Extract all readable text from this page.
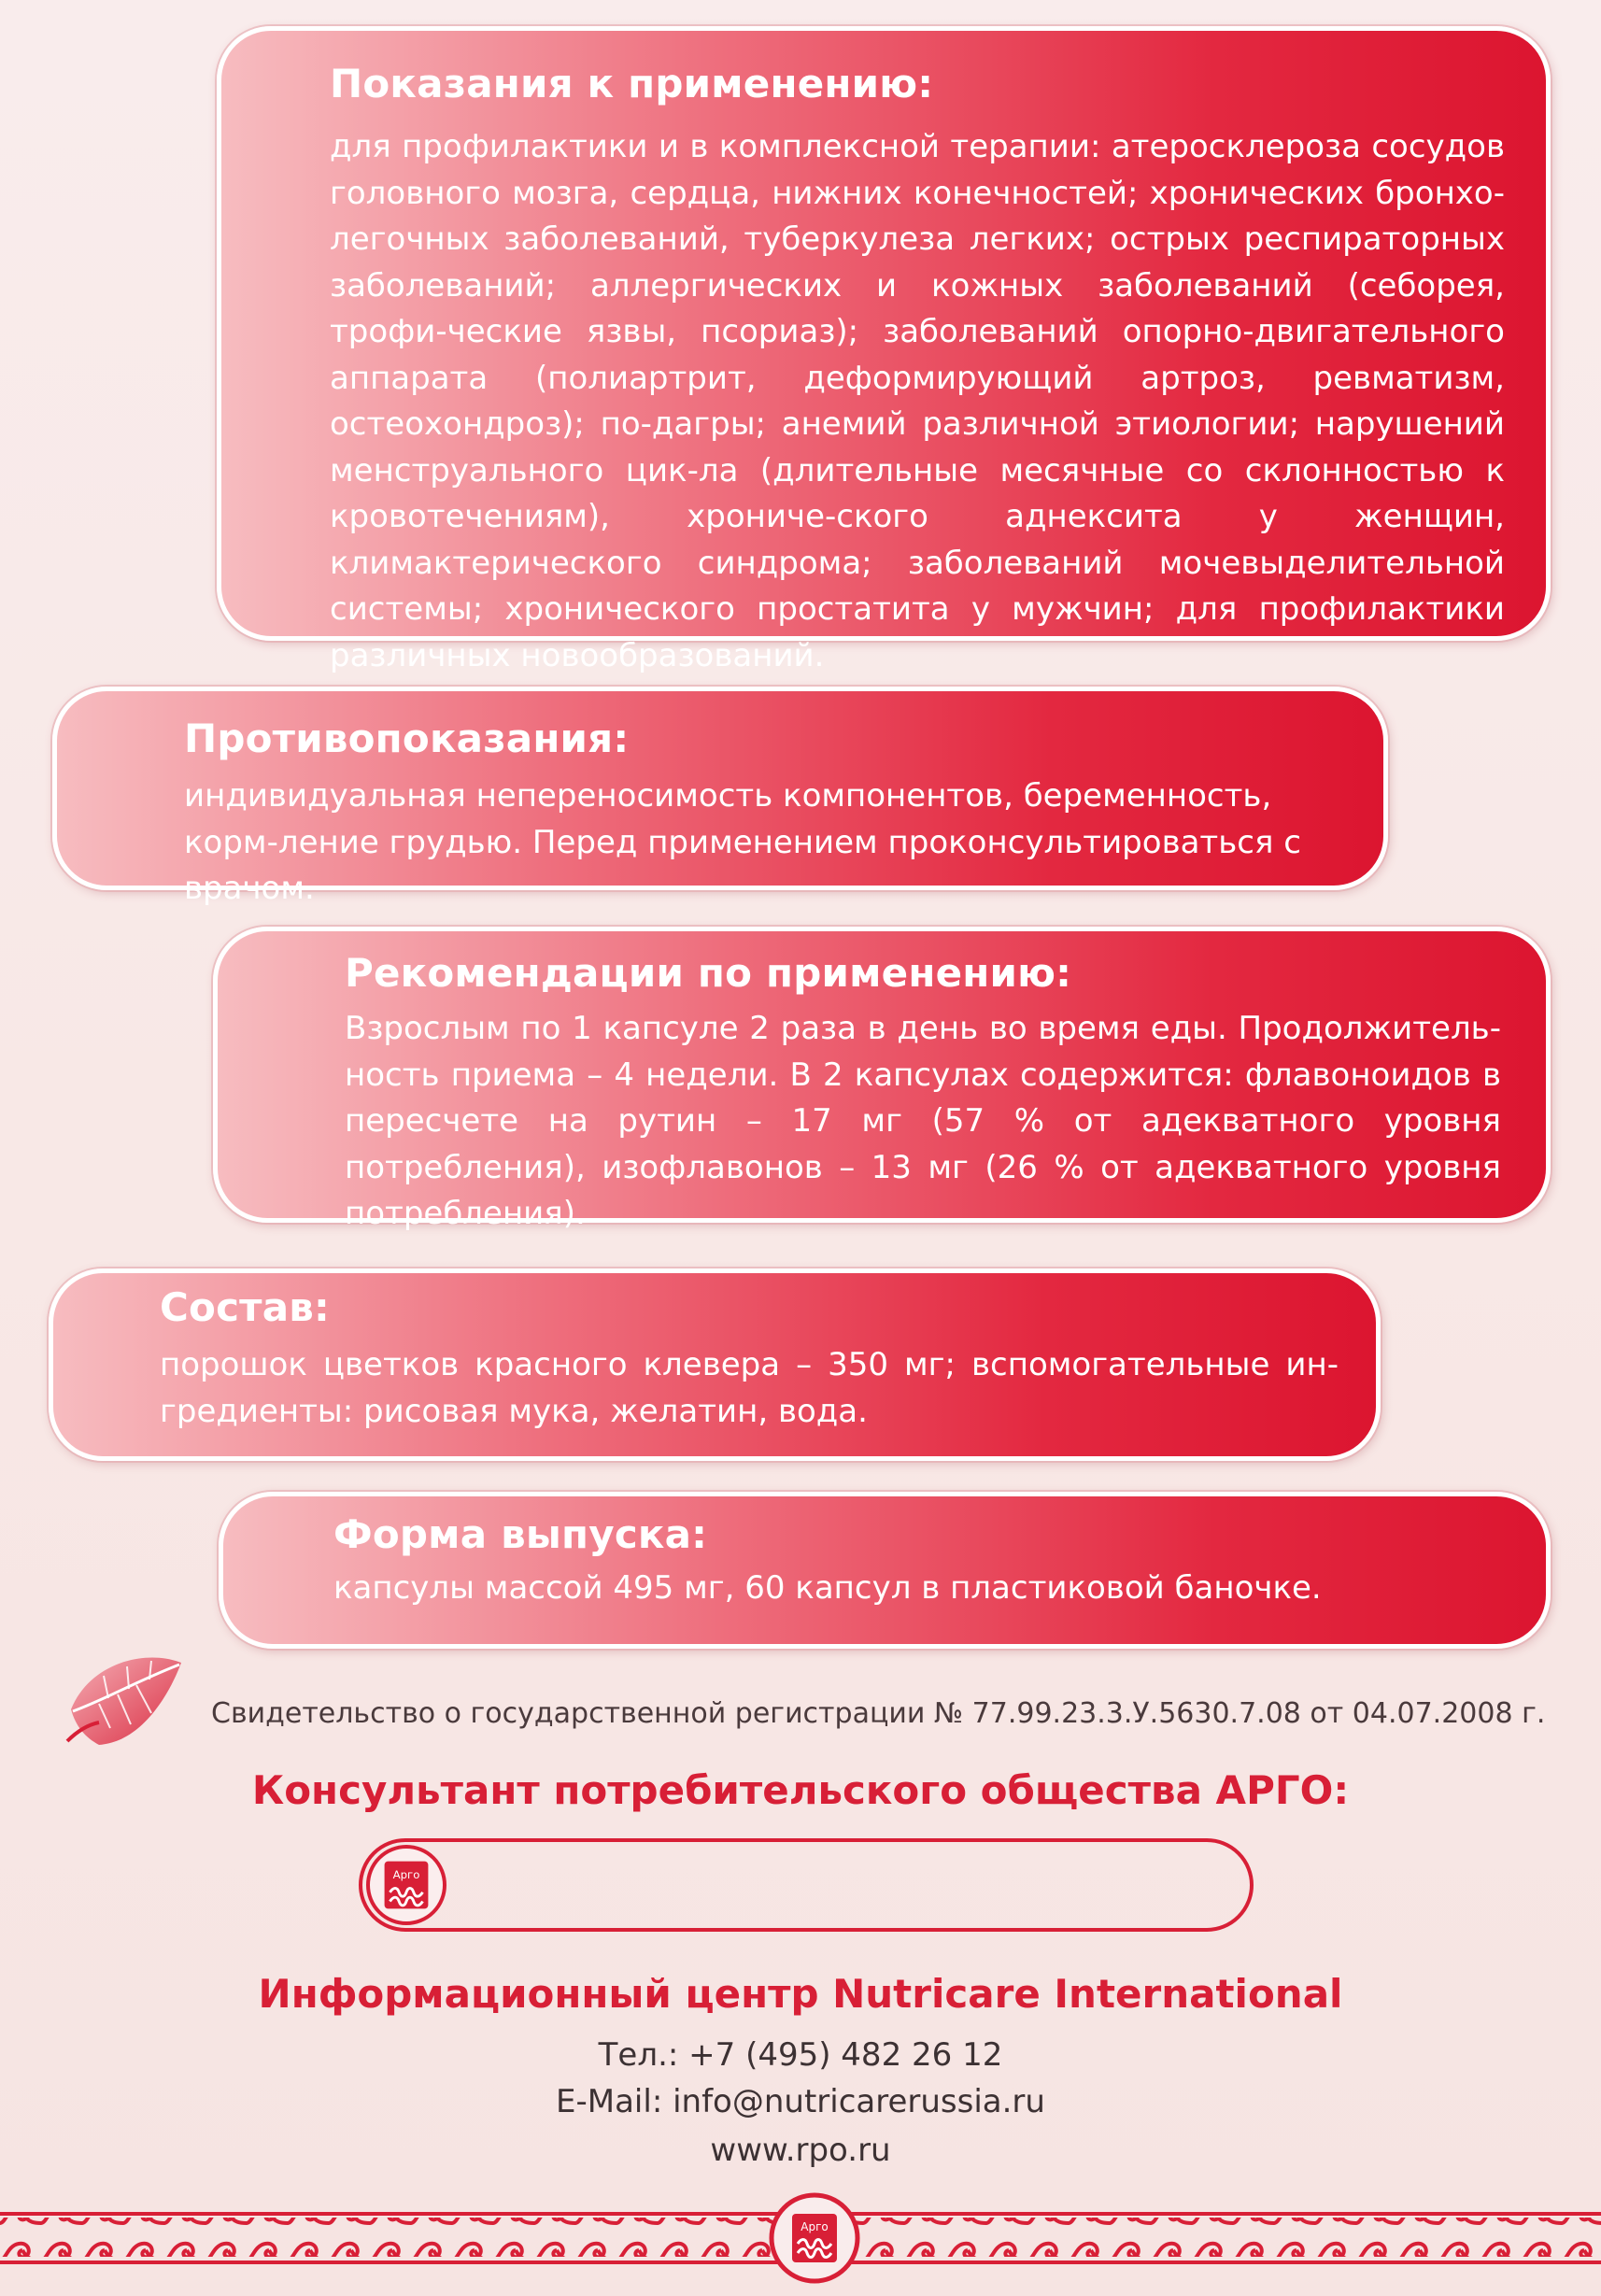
Показания к применению:

для профилактики и в комплексной терапии: атеросклероза сосудов головного мозга, сердца, нижних конечностей; хронических бронхо-легочных заболеваний, туберкулеза легких; острых респираторных заболеваний; аллергических и кожных заболеваний (себорея, трофи-ческие язвы, псориаз); заболеваний опорно-двигательного аппарата (полиартрит, деформирующий артроз, ревматизм, остеохондроз); по-дагры; анемий различной этиологии; нарушений менструального цик-ла (длительные месячные со склонностью к кровотечениям), хрониче-ского аднексита у женщин, климактерического синдрома; заболеваний мочевыделительной системы; хронического простатита у мужчин; для профилактики различных новообразований.

Противопоказания:

индивидуальная непереносимость компонентов, беременность, корм-ление грудью. Перед применением проконсультироваться с врачом.

Рекомендации по применению:

Взрослым по 1 капсуле 2 раза в день во время еды. Продолжитель-ность приема – 4 недели. В 2 капсулах содержится: флавоноидов в пересчете на рутин – 17 мг (57 % от адекватного уровня потребления), изофлавонов – 13 мг (26 % от адекватного уровня потребления).

Состав:

порошок цветков красного клевера – 350 мг; вспомогательные ин-гредиенты: рисовая мука, желатин, вода.

Форма выпуска:

капсулы массой 495 мг, 60 капсул в пластиковой баночке.

Свидетельство о государственной регистрации № 77.99.23.3.У.5630.7.08 от 04.07.2008 г.
Консультант потребительского общества АРГО:
Арго
Информационный центр Nutricare International
Тел.: +7 (495) 482 26 12
E-Mail: info@nutricarerussia.ru
www.rpo.ru
Арго
